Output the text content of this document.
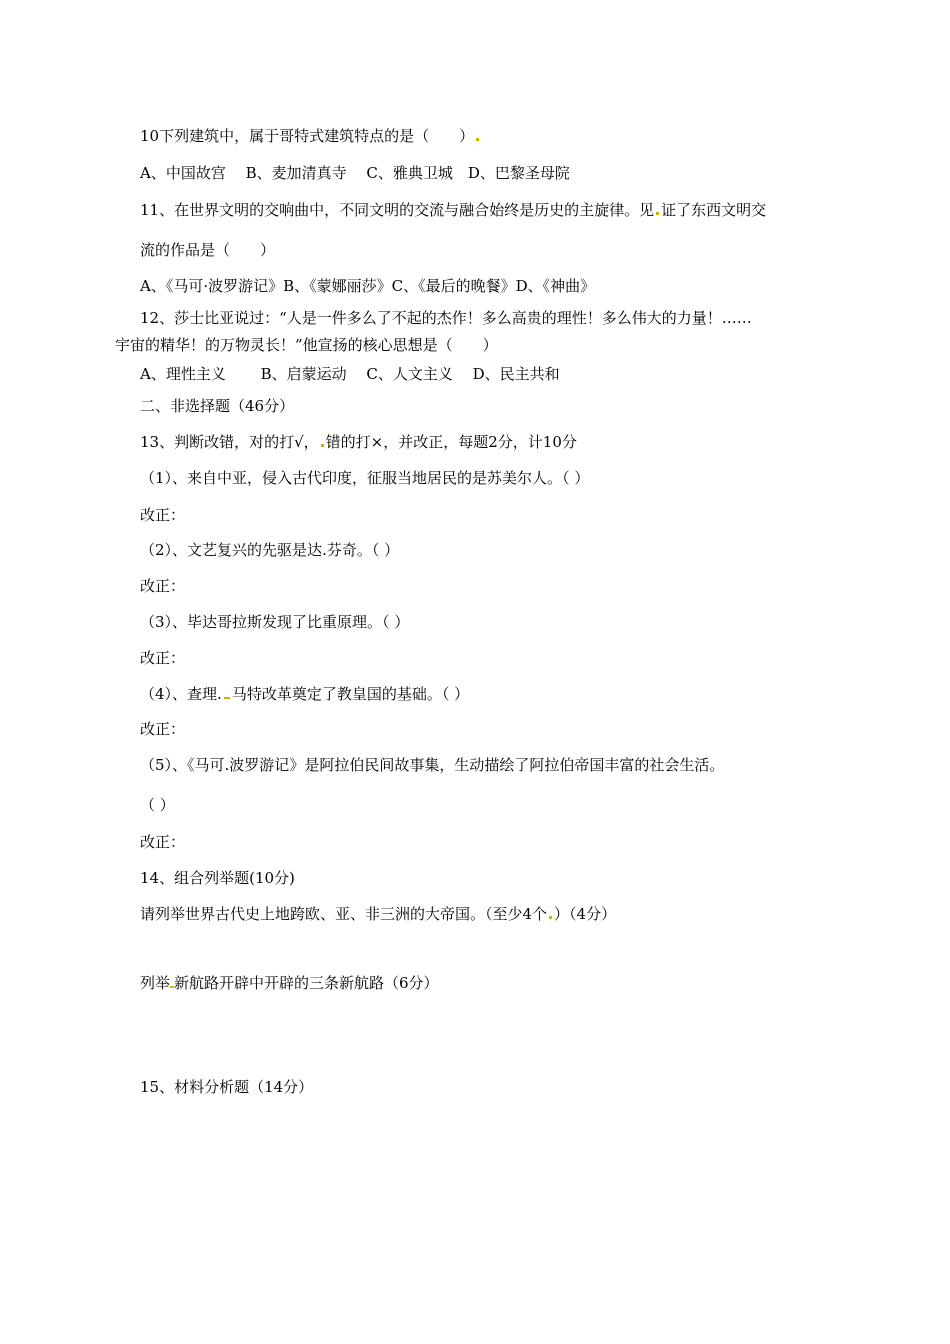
10下列建筑中，属于哥特式建筑特点的是（　　）
A、中国故宫　 B、麦加清真寺　 C、雅典卫城　D、巴黎圣母院
11、在世界文明的交响曲中，不同文明的交流与融合始终是历史的主旋律。见 证了东西文明交
流的作品是（　　）
A、《马可·波罗游记》B、《蒙娜丽莎》C、《最后的晚餐》D、《神曲》
12、莎士比亚说过：“人是一件多么了不起的杰作！多么高贵的理性！多么伟大的力量！……
宇宙的精华！的万物灵长！”他宣扬的核心思想是（　　）
A、理性主义　　 B、启蒙运动　 C、人文主义　 D、民主共和
二、非选择题（46分）
13、判断改错，对的打√， 错的打×，并改正，每题2分，计10分
（1）、来自中亚，侵入古代印度，征服当地居民的是苏美尔人。（ ）
改正：
（2）、文艺复兴的先驱是达.芬奇。（ ）
改正：
（3）、毕达哥拉斯发现了比重原理。（ ）
改正：
（4）、查理. 马特改革奠定了教皇国的基础。（ ）
改正：
（5）、《马可.波罗游记》是阿拉伯民间故事集，生动描绘了阿拉伯帝国丰富的社会生活。
（ ）
改正：
14、组合列举题(10分)
请列举世界古代史上地跨欧、亚、非三洲的大帝国。（至少4个 ）（4分）
列举 新航路开辟中开辟的三条新航路（6分）
15、材料分析题（14分）
